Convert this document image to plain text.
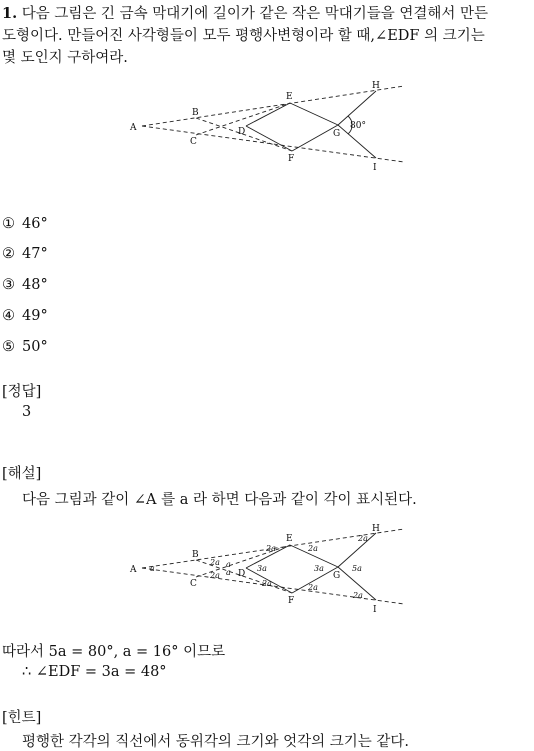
1. 다음 그림은 긴 금속 막대기에 길이가 같은 작은 막대기들을 연결해서 만든
도형이다. 만들어진 사각형들이 모두 평행사변형이라 할 때,∠EDF 의 크기는
몇 도인지 구하여라.
A
B
C
D
E
F
G
H
I
80°
① 46°
② 47°
③ 48°
④ 49°
⑤ 50°
[정답]
3
[해설]
다음 그림과 같이 ∠A 를 a 라 하면 다음과 같이 각이 표시된다.
A
B
C
D
E
F
G
H
I
a
2a
2a
a
a	3a
2a	2a
2a	2a
3a	5a
2a
2a
따라서 5a = 80°, a = 16° 이므로
∴ ∠EDF = 3a = 48°
[힌트]
평행한 각각의 직선에서 동위각의 크기와 엇각의 크기는 같다.
